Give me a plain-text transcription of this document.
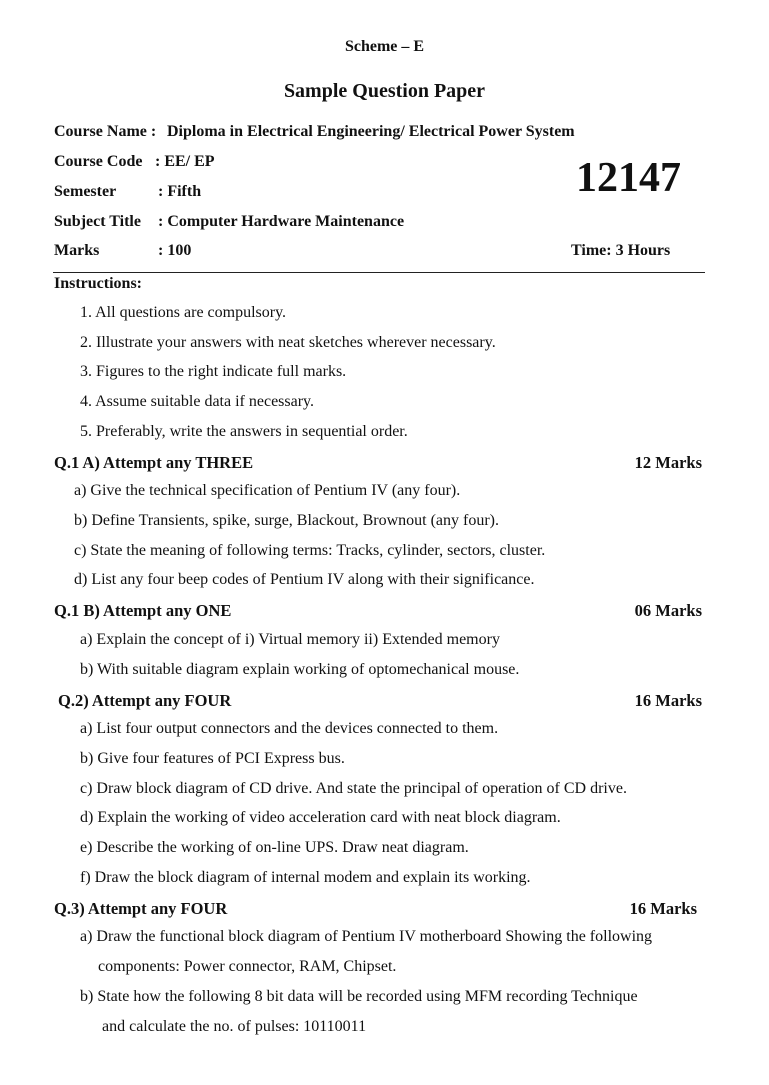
Scheme – E
Sample Question Paper
Course Name : Diploma in Electrical Engineering/ Electrical Power System
Course Code : EE/ EP
Semester	: Fifth
Subject Title : Computer Hardware Maintenance
Marks	: 100
12147
Time: 3 Hours
Instructions:
1. All questions are compulsory.
2. Illustrate your answers with neat sketches wherever necessary.
3. Figures to the right indicate full marks.
4. Assume suitable data if necessary.
5. Preferably, write the answers in sequential order.
Q.1 A) Attempt any THREE	12 Marks
a) Give the technical specification of Pentium IV (any four).
b) Define Transients, spike, surge, Blackout, Brownout (any four).
c) State the meaning of following terms: Tracks, cylinder, sectors, cluster.
d) List any four beep codes of Pentium IV along with their significance.
Q.1 B) Attempt any ONE	06 Marks
a) Explain the concept of i) Virtual memory ii) Extended memory
b) With suitable diagram explain working of optomechanical mouse.
Q.2) Attempt any FOUR	16 Marks
a) List four output connectors and the devices connected to them.
b) Give four features of PCI Express bus.
c) Draw block diagram of CD drive. And state the principal of operation of CD drive.
d) Explain the working of video acceleration card with neat block diagram.
e) Describe the working of on-line UPS. Draw neat diagram.
f) Draw the block diagram of internal modem and explain its working.
Q.3) Attempt any FOUR	16 Marks
a) Draw the functional block diagram of Pentium IV motherboard Showing the following
components: Power connector, RAM, Chipset.
b) State how the following 8 bit data will be recorded using MFM recording Technique
and calculate the no. of pulses: 10110011
